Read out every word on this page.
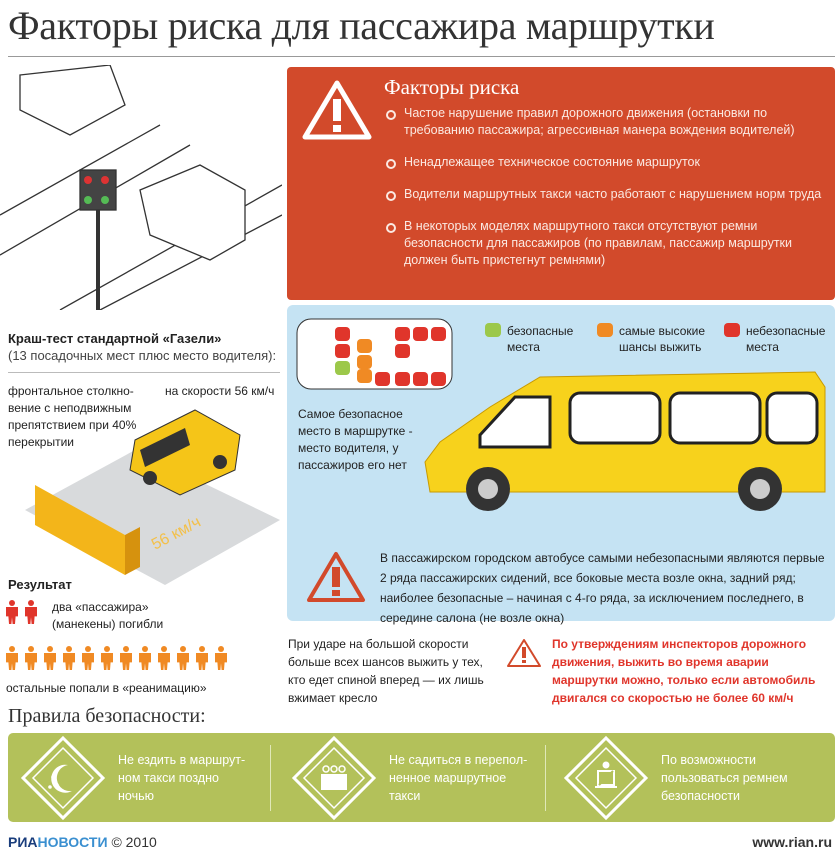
Факторы риска для пассажира маршрутки
Факторы риска
Частое нарушение правил дорожного движения (остановки по требованию пассажира; агрессивная манера вождения водителей)
Ненадлежащее техническое состояние маршруток
Водители маршрутных такси часто работают с нарушением норм труда
В некоторых моделях маршрутного такси отсутствуют ремни безопасности для пассажиров (по правилам, пассажир маршрутки должен быть пристегнут ремнями)
Краш-тест стандартной «Газели»
(13 посадочных мест плюс место водителя):
фронтальное столкно-вение с неподвижным препятствием при 40% перекрытии
на скорости 56 км/ч
56 км/ч
Результат
два «пассажира» (манекены) погибли
остальные попали в «реанимацию»
безопасные места
самые высокие шансы выжить
небезопасные места
Самое безопасное место в маршрутке - место водителя, у пассажиров его нет
В пассажирском городском автобусе самыми небезопасными являются первые 2 ряда пассажирских сидений, все боковые места возле окна, задний ряд; наиболее безопасные – начиная с 4-го ряда, за исключением последнего, в середине салона (не возле окна)
При ударе на большой скорости больше всех шансов выжить у тех, кто едет спиной вперед — их лишь вжимает кресло
По утверждениям инспекторов дорожного движения, выжить во время аварии маршрутки можно, только если автомобиль двигался со скоростью не более 60 км/ч
Правила безопасности:
Не ездить в маршрут-ном такси поздно ночью
Не садиться в перепол-ненное маршрутное такси
По возможности пользоваться ремнем безопасности
РИАНОВОСТИ © 2010	www.rian.ru
